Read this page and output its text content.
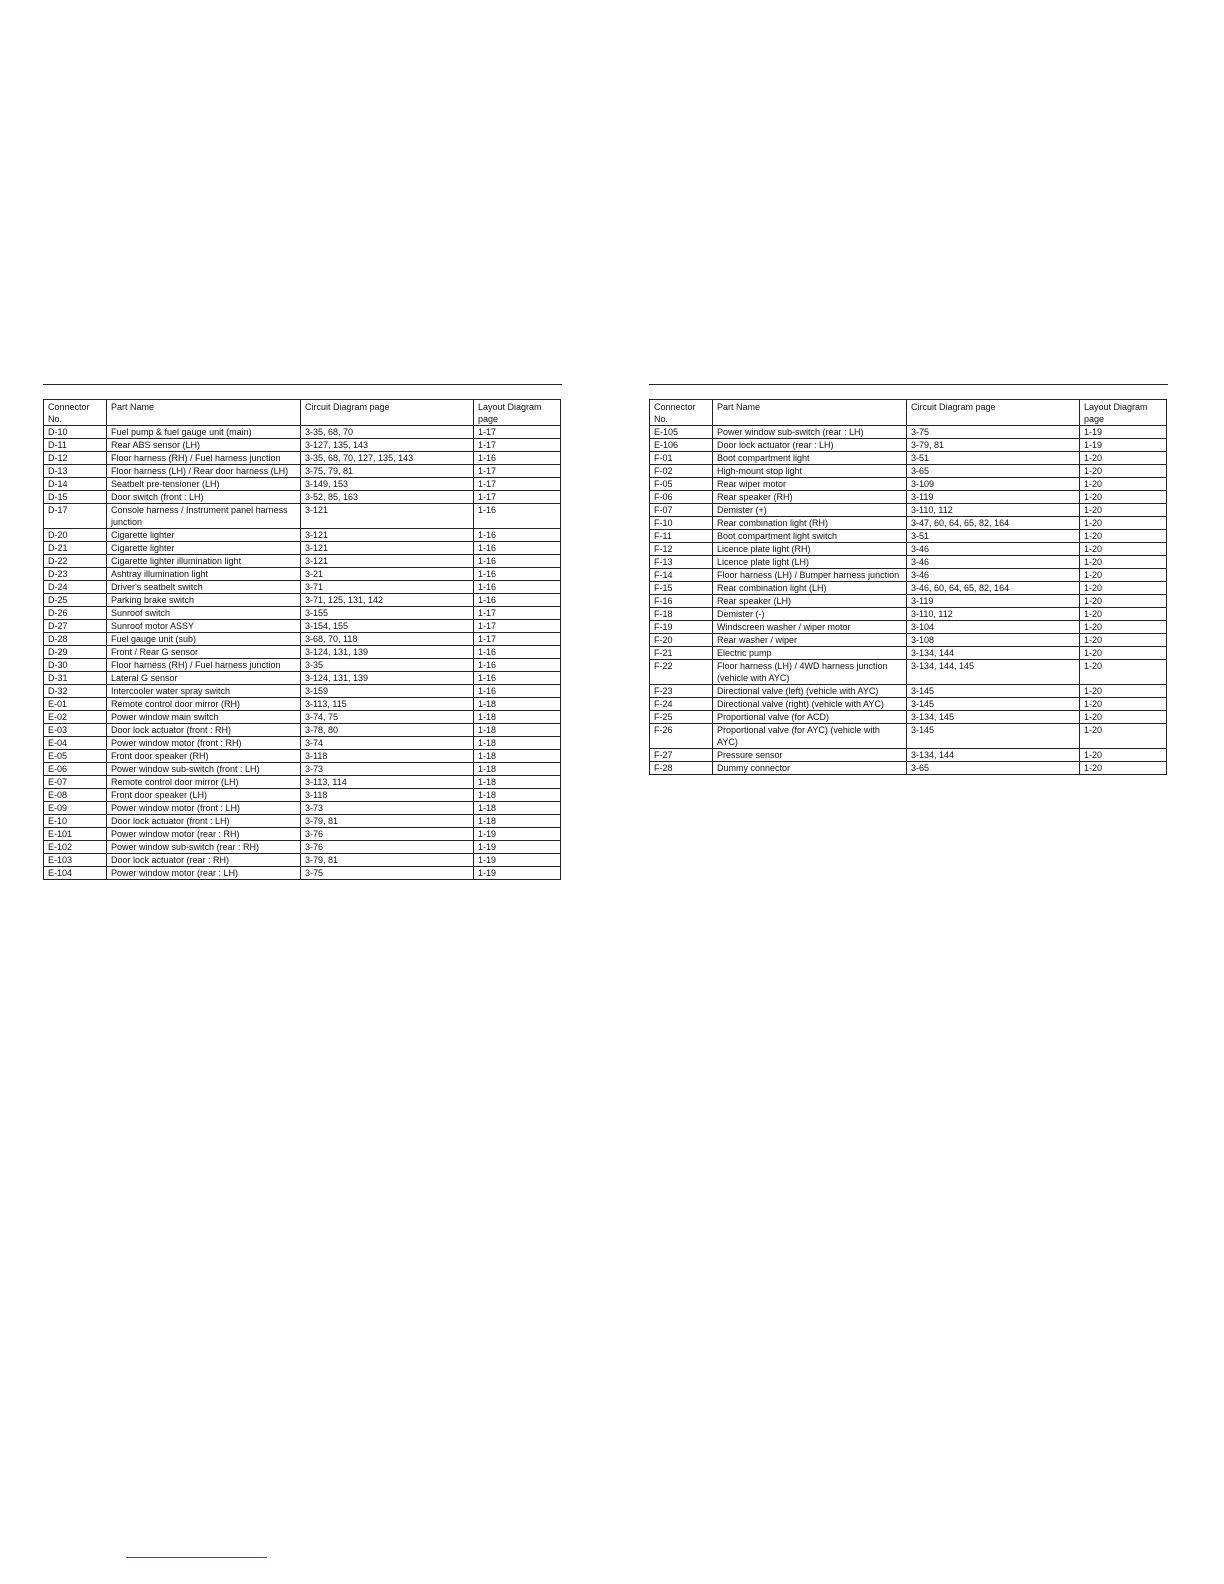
Connector No.	Part Name	Circuit Diagram page	Layout Diagram page
D-10	Fuel pump & fuel gauge unit (main)	3-35, 68, 70	1-17
D-11	Rear ABS sensor (LH)	3-127, 135, 143	1-17
D-12	Floor harness (RH) / Fuel harness junction	3-35, 68, 70, 127, 135, 143	1-16
D-13	Floor harness (LH) / Rear door harness (LH)	3-75, 79, 81	1-17
D-14	Seatbelt pre-tensioner (LH)	3-149, 153	1-17
D-15	Door switch (front : LH)	3-52, 85, 163	1-17
D-17	Console harness / Instrument panel harness junction	3-121	1-16
D-20	Cigarette lighter	3-121	1-16
D-21	Cigarette lighter	3-121	1-16
D-22	Cigarette lighter illumination light	3-121	1-16
D-23	Ashtray illumination light	3-21	1-16
D-24	Driver's seatbelt switch	3-71	1-16
D-25	Parking brake switch	3-71, 125, 131, 142	1-16
D-26	Sunroof switch	3-155	1-17
D-27	Sunroof motor ASSY	3-154, 155	1-17
D-28	Fuel gauge unit (sub)	3-68, 70, 118	1-17
D-29	Front / Rear G sensor	3-124, 131, 139	1-16
D-30	Floor harness (RH) / Fuel harness junction	3-35	1-16
D-31	Lateral G sensor	3-124, 131, 139	1-16
D-32	Intercooler water spray switch	3-159	1-16
E-01	Remote control door mirror (RH)	3-113, 115	1-18
E-02	Power window main switch	3-74, 75	1-18
E-03	Door lock actuator (front : RH)	3-78, 80	1-18
E-04	Power window motor (front : RH)	3-74	1-18
E-05	Front door speaker (RH)	3-118	1-18
E-06	Power window sub-switch (front : LH)	3-73	1-18
E-07	Remote control door mirror (LH)	3-113, 114	1-18
E-08	Front door speaker (LH)	3-118	1-18
E-09	Power window motor (front : LH)	3-73	1-18
E-10	Door lock actuator (front : LH)	3-79, 81	1-18
E-101	Power window motor (rear : RH)	3-76	1-19
E-102	Power window sub-switch (rear : RH)	3-76	1-19
E-103	Door lock actuator (rear : RH)	3-79, 81	1-19
E-104	Power window motor (rear : LH)	3-75	1-19
Connector No.	Part Name	Circuit Diagram page	Layout Diagram page
E-105	Power window sub-switch (rear : LH)	3-75	1-19
E-106	Door lock actuator (rear : LH)	3-79, 81	1-19
F-01	Boot compartment light	3-51	1-20
F-02	High-mount stop light	3-65	1-20
F-05	Rear wiper motor	3-109	1-20
F-06	Rear speaker (RH)	3-119	1-20
F-07	Demister (+)	3-110, 112	1-20
F-10	Rear combination light (RH)	3-47, 60, 64, 65, 82, 164	1-20
F-11	Boot compartment light switch	3-51	1-20
F-12	Licence plate light (RH)	3-46	1-20
F-13	Licence plate light (LH)	3-46	1-20
F-14	Floor harness (LH) / Bumper harness junction	3-46	1-20
F-15	Rear combination light (LH)	3-46, 60, 64, 65, 82, 164	1-20
F-16	Rear speaker (LH)	3-119	1-20
F-18	Demister (-)	3-110, 112	1-20
F-19	Windscreen washer / wiper motor	3-104	1-20
F-20	Rear washer / wiper	3-108	1-20
F-21	Electric pump	3-134, 144	1-20
F-22	Floor harness (LH) / 4WD harness junction (vehicle with AYC)	3-134, 144, 145	1-20
F-23	Directional valve (left) (vehicle with AYC)	3-145	1-20
F-24	Directional valve (right) (vehicle with AYC)	3-145	1-20
F-25	Proportional valve (for ACD)	3-134, 145	1-20
F-26	Proportional valve (for AYC) (vehicle with AYC)	3-145	1-20
F-27	Pressure sensor	3-134, 144	1-20
F-28	Dummy connector	3-65	1-20
